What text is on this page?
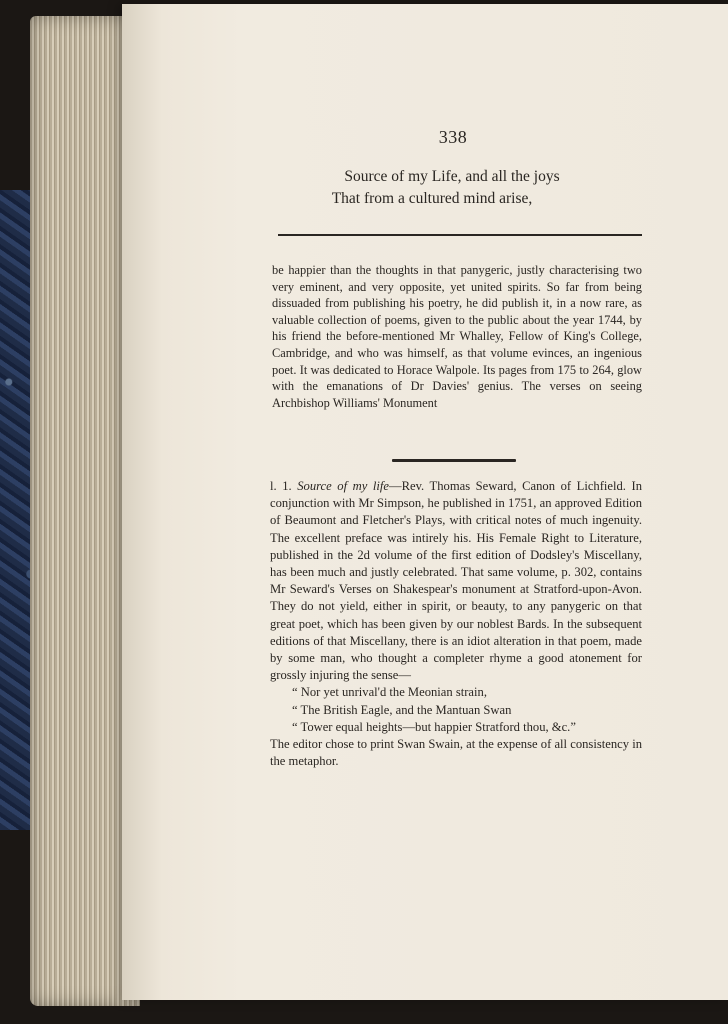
338
Source of my Life, and all the joys

That from a cultured mind arise,

be happier than the thoughts in that panygeric, justly characterising two very eminent, and very opposite, yet united spirits. So far from being dissuaded from publishing his poetry, he did publish it, in a now rare, as valuable collection of poems, given to the public about the year 1744, by his friend the before-mentioned Mr Whalley, Fellow of King's College, Cambridge, and who was himself, as that volume evinces, an ingenious poet. It was dedicated to Horace Walpole. Its pages from 175 to 264, glow with the emanations of Dr Davies' genius. The verses on seeing Archbishop Williams' Monument

l. 1. Source of my life—Rev. Thomas Seward, Canon of Lichfield. In conjunction with Mr Simpson, he published in 1751, an approved Edition of Beaumont and Fletcher's Plays, with critical notes of much ingenuity. The excellent preface was intirely his. His Female Right to Literature, published in the 2d volume of the first edition of Dodsley's Miscellany, has been much and justly celebrated. That same volume, p. 302, contains Mr Seward's Verses on Shakespear's monument at Stratford-upon-Avon. They do not yield, either in spirit, or beauty, to any panygeric on that great poet, which has been given by our noblest Bards. In the subsequent editions of that Miscellany, there is an idiot alteration in that poem, made by some man, who thought a completer rhyme a good atonement for grossly injuring the sense—

“ Nor yet unrival'd the Meonian strain,
“ The British Eagle, and the Mantuan Swan
“ Tower equal heights—but happier Stratford thou, &c.”
The editor chose to print Swan Swain, at the expense of all consistency in the metaphor.
